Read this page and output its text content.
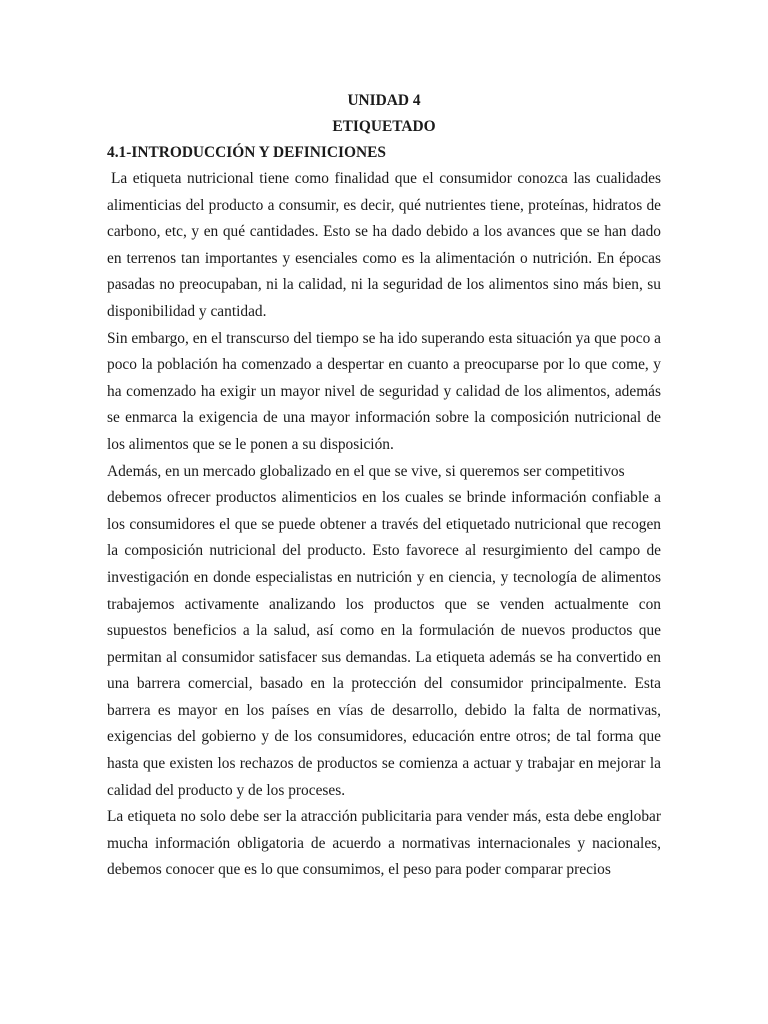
UNIDAD 4

ETIQUETADO

4.1-INTRODUCCIÓN Y DEFINICIONES

La etiqueta nutricional tiene como finalidad que el consumidor conozca las cualidades alimenticias del producto a consumir, es decir, qué nutrientes tiene, proteínas, hidratos de carbono, etc, y en qué cantidades. Esto se ha dado debido a los avances que se han dado en terrenos tan importantes y esenciales como es la alimentación o nutrición. En épocas pasadas no preocupaban, ni la calidad, ni la seguridad de los alimentos sino más bien, su disponibilidad y cantidad.

Sin embargo, en el transcurso del tiempo se ha ido superando esta situación ya que poco a poco la población ha comenzado a despertar en cuanto a preocuparse por lo que come, y ha comenzado ha exigir un mayor nivel de seguridad y calidad de los alimentos, además se enmarca la exigencia de una mayor información sobre la composición nutricional de los alimentos que se le ponen a su disposición.

Además, en un mercado globalizado en el que se vive, si queremos ser competitivos

debemos ofrecer productos alimenticios en los cuales se brinde información confiable a los consumidores el que se puede obtener a través del etiquetado nutricional que recogen la composición nutricional del producto. Esto favorece al resurgimiento del campo de investigación en donde especialistas en nutrición y en ciencia, y tecnología de alimentos trabajemos activamente analizando los productos que se venden actualmente con supuestos beneficios a la salud, así como en la formulación de nuevos productos que permitan al consumidor satisfacer sus demandas. La etiqueta además se ha convertido en una barrera comercial, basado en la protección del consumidor principalmente. Esta barrera es mayor en los países en vías de desarrollo, debido la falta de normativas, exigencias del gobierno y de los consumidores, educación entre otros; de tal forma que hasta que existen los rechazos de productos se comienza a actuar y trabajar en mejorar la calidad del producto y de los proceses.

La etiqueta no solo debe ser la atracción publicitaria para vender más, esta debe englobar mucha información obligatoria de acuerdo a normativas internacionales y nacionales, debemos conocer que es lo que consumimos, el peso para poder comparar precios
